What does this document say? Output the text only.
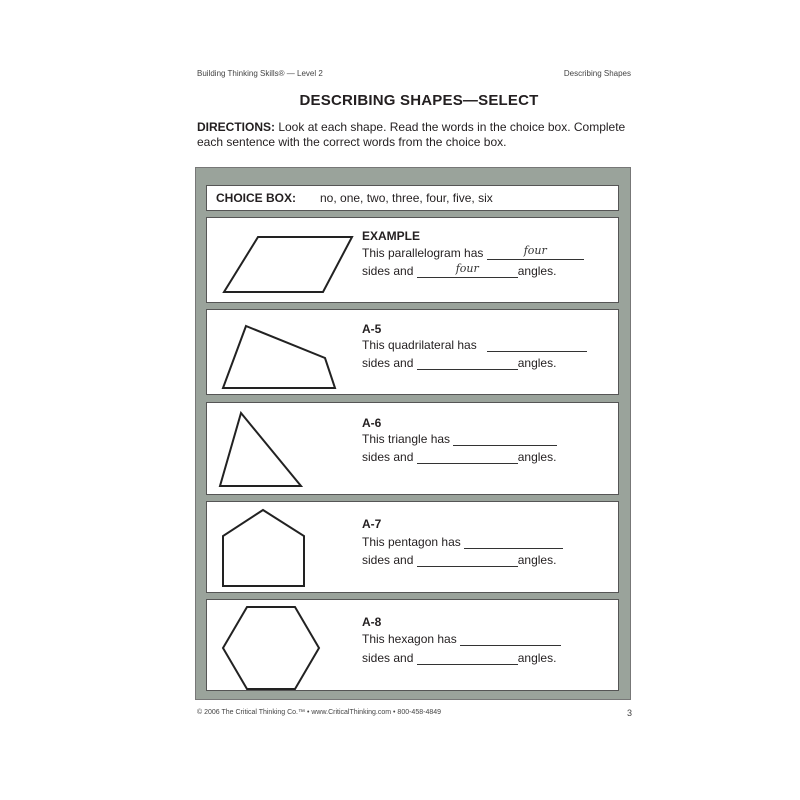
Building Thinking Skills® — Level 2	Describing Shapes
DESCRIBING SHAPES—SELECT
DIRECTIONS: Look at each shape. Read the words in the choice box. Complete each sentence with the correct words from the choice box.
CHOICE BOX: no, one, two, three, four, five, six
EXAMPLE
This parallelogram has	four
sides and	four	angles.
A-5
This quadrilateral has
sides and	angles.
A-6
This triangle has
sides and	angles.
A-7
This pentagon has
sides and	angles.
A-8
This hexagon has
sides and	angles.
© 2006 The Critical Thinking Co.™ • www.CriticalThinking.com • 800-458-4849	3
